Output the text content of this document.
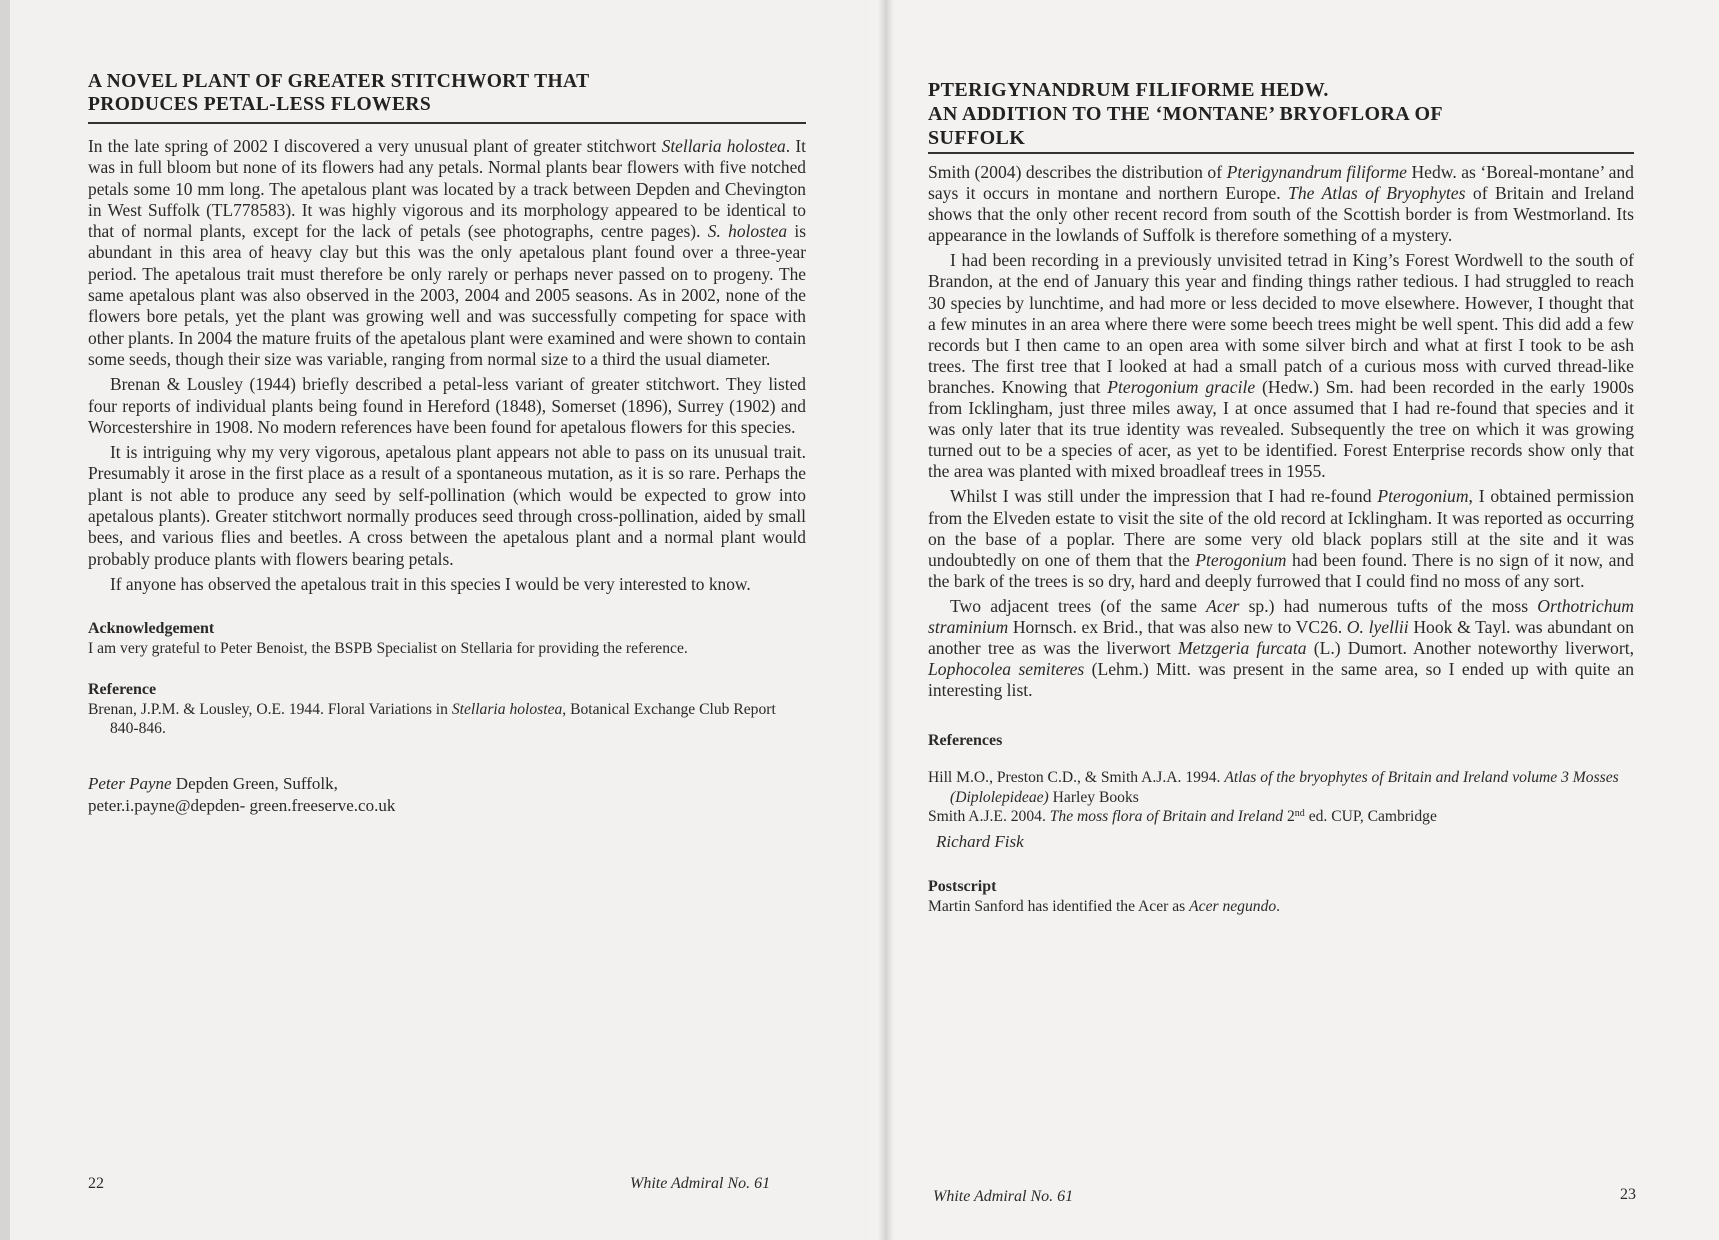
A NOVEL PLANT OF GREATER STITCHWORT THAT
PRODUCES PETAL-LESS FLOWERS

In the late spring of 2002 I discovered a very unusual plant of greater stitchwort Stellaria holostea. It was in full bloom but none of its flowers had any petals. Normal plants bear flowers with five notched petals some 10 mm long. The apetalous plant was located by a track between Depden and Chevington in West Suffolk (TL778583). It was highly vigorous and its morphology appeared to be identical to that of normal plants, except for the lack of petals (see photographs, centre pages). S. holostea is abundant in this area of heavy clay but this was the only apetalous plant found over a three-year period. The apetalous trait must therefore be only rarely or perhaps never passed on to progeny. The same apetalous plant was also observed in the 2003, 2004 and 2005 seasons. As in 2002, none of the flowers bore petals, yet the plant was growing well and was successfully competing for space with other plants. In 2004 the mature fruits of the apetalous plant were examined and were shown to contain some seeds, though their size was variable, ranging from normal size to a third the usual diameter.

Brenan & Lousley (1944) briefly described a petal-less variant of greater stitchwort. They listed four reports of individual plants being found in Hereford (1848), Somerset (1896), Surrey (1902) and Worcestershire in 1908. No modern references have been found for apetalous flowers for this species.

It is intriguing why my very vigorous, apetalous plant appears not able to pass on its unusual trait. Presumably it arose in the first place as a result of a spontaneous mutation, as it is so rare. Perhaps the plant is not able to produce any seed by self-pollination (which would be expected to grow into apetalous plants). Greater stitchwort normally produces seed through cross-pollination, aided by small bees, and various flies and beetles. A cross between the apetalous plant and a normal plant would probably produce plants with flowers bearing petals.

If anyone has observed the apetalous trait in this species I would be very interested to know.

Acknowledgement

I am very grateful to Peter Benoist, the BSPB Specialist on Stellaria for providing the reference.

Reference

Brenan, J.P.M. & Lousley, O.E. 1944. Floral Variations in Stellaria holostea, Botanical Exchange Club Report 840-846.

Peter Payne Depden Green, Suffolk,

peter.i.payne@depden- green.freeserve.co.uk

22	White Admiral No. 61
PTERIGYNANDRUM FILIFORME HEDW.
AN ADDITION TO THE ‘MONTANE’ BRYOFLORA OF
SUFFOLK

Smith (2004) describes the distribution of Pterigynandrum filiforme Hedw. as ‘Boreal-montane’ and says it occurs in montane and northern Europe. The Atlas of Bryophytes of Britain and Ireland shows that the only other recent record from south of the Scottish border is from Westmorland. Its appearance in the lowlands of Suffolk is therefore something of a mystery.

I had been recording in a previously unvisited tetrad in King’s Forest Wordwell to the south of Brandon, at the end of January this year and finding things rather tedious. I had struggled to reach 30 species by lunchtime, and had more or less decided to move elsewhere. However, I thought that a few minutes in an area where there were some beech trees might be well spent. This did add a few records but I then came to an open area with some silver birch and what at first I took to be ash trees. The first tree that I looked at had a small patch of a curious moss with curved thread-like branches. Knowing that Pterogonium gracile (Hedw.) Sm. had been recorded in the early 1900s from Icklingham, just three miles away, I at once assumed that I had re-found that species and it was only later that its true identity was revealed. Subsequently the tree on which it was growing turned out to be a species of acer, as yet to be identified. Forest Enterprise records show only that the area was planted with mixed broadleaf trees in 1955.

Whilst I was still under the impression that I had re-found Pterogonium, I obtained permission from the Elveden estate to visit the site of the old record at Icklingham. It was reported as occurring on the base of a poplar. There are some very old black poplars still at the site and it was undoubtedly on one of them that the Pterogonium had been found. There is no sign of it now, and the bark of the trees is so dry, hard and deeply furrowed that I could find no moss of any sort.

Two adjacent trees (of the same Acer sp.) had numerous tufts of the moss Orthotrichum straminium Hornsch. ex Brid., that was also new to VC26. O. lyellii Hook & Tayl. was abundant on another tree as was the liverwort Metzgeria furcata (L.) Dumort. Another noteworthy liverwort, Lophocolea semiteres (Lehm.) Mitt. was present in the same area, so I ended up with quite an interesting list.

References

Hill M.O., Preston C.D., & Smith A.J.A. 1994. Atlas of the bryophytes of Britain and Ireland volume 3 Mosses (Diplolepideae) Harley Books

Smith A.J.E. 2004. The moss flora of Britain and Ireland 2nd ed. CUP, Cambridge

Richard Fisk

Postscript

Martin Sanford has identified the Acer as Acer negundo.

White Admiral No. 61	23
